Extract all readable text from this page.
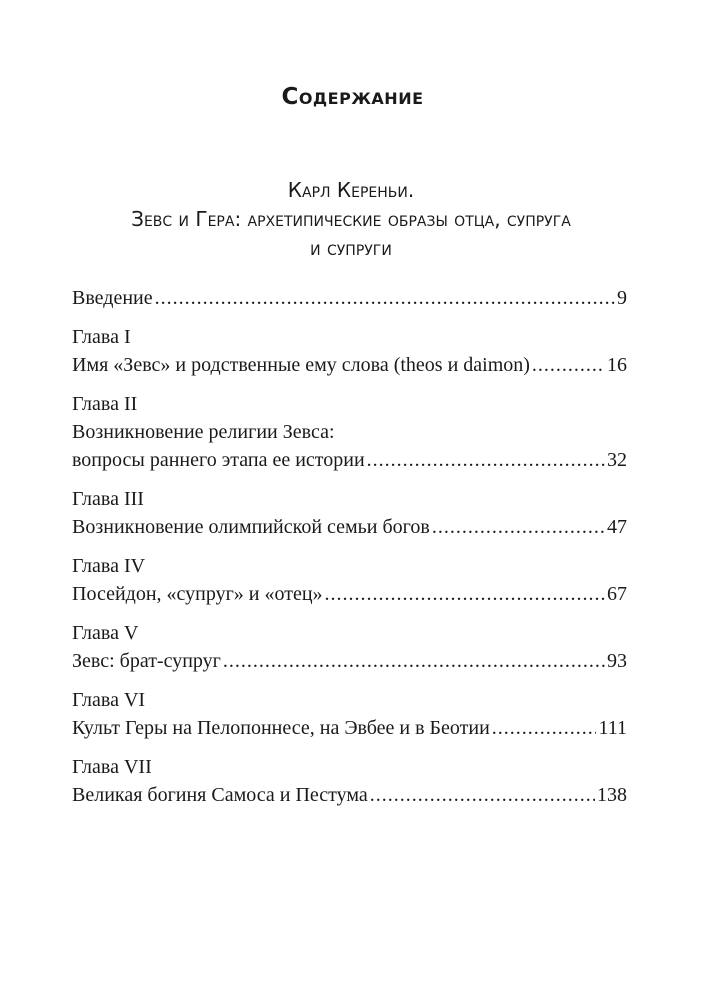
Содержание
Карл Кереньи.
Зевс и Гера: архетипические образы отца, супруга
и супруги
Введение .....	9
Глава I
Имя «Зевс» и родственные ему слова (theos и daimon) .....	16
Глава II
Возникновение религии Зевса:
вопросы раннего этапа ее истории .....	32
Глава III
Возникновение олимпийской семьи богов .....	47
Глава IV
Посейдон, «супруг» и «отец» .....	67
Глава V
Зевс: брат-супруг .....	93
Глава VI
Культ Геры на Пелопоннесе, на Эвбее и в Беотии .....	111
Глава VII
Великая богиня Самоса и Пестума .....	138
